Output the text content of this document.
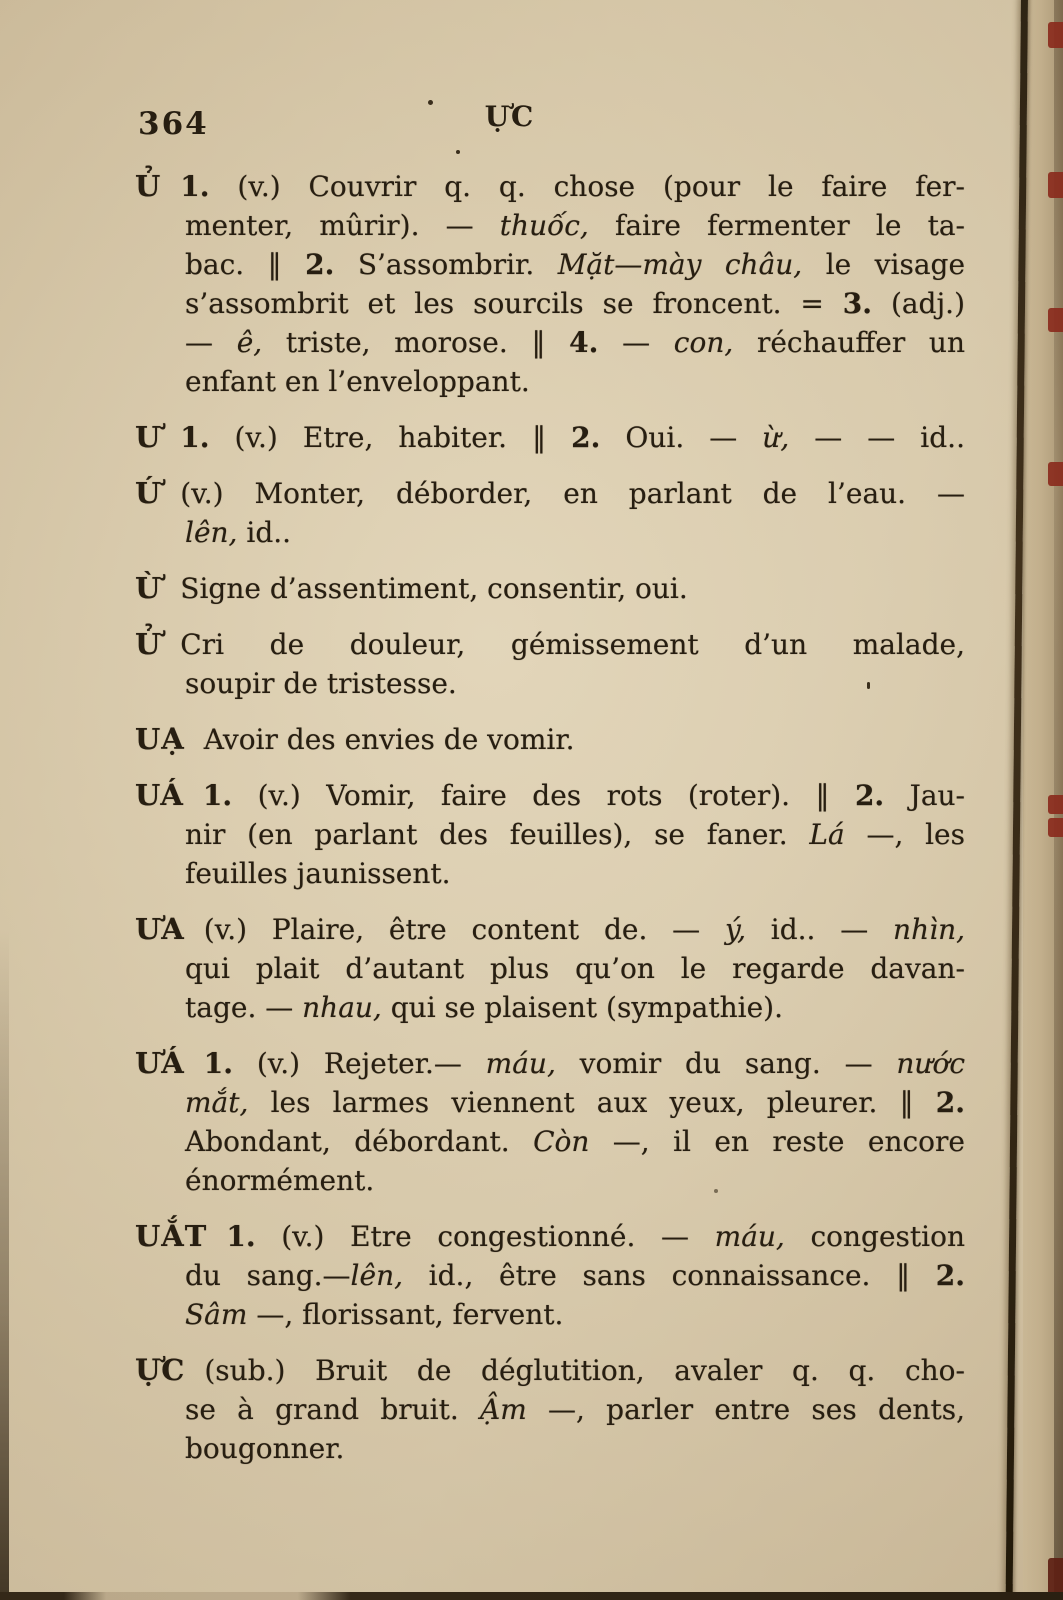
364	ỰC
Ủ 1. (v.) Couvrir q. q. chose (pour le faire fer-
menter, mûrir). — thuốc, faire fermenter le ta-
bac. ‖ 2. S’assombrir. Mặt—mày châu, le visage
s’assombrit et les sourcils se froncent. = 3. (adj.)
— ê, triste, morose. ‖ 4. — con, réchauffer un
enfant en l’enveloppant.
Ư 1. (v.) Etre, habiter. ‖ 2. Oui. — ừ, — — id..
Ứ (v.) Monter, déborder, en parlant de l’eau. —
lên, id..
Ừ Signe d’assentiment, consentir, oui.
Ử Cri de douleur, gémissement d’un malade,
soupir de tristesse.
UẠ Avoir des envies de vomir.
UÁ 1. (v.) Vomir, faire des rots (roter). ‖ 2. Jau-
nir (en parlant des feuilles), se faner. Lá —, les
feuilles jaunissent.
ƯA (v.) Plaire, être content de. — ý, id.. — nhìn,
qui plait d’autant plus qu’on le regarde davan-
tage. — nhau, qui se plaisent (sympathie).
ƯÁ 1. (v.) Rejeter.— máu, vomir du sang. — nước
mắt, les larmes viennent aux yeux, pleurer. ‖ 2.
Abondant, débordant. Còn —, il en reste encore
énormément.
UẮT 1. (v.) Etre congestionné. — máu, congestion
du sang.—lên, id., être sans connaissance. ‖ 2.
Sâm —, florissant, fervent.
ỰC (sub.) Bruit de déglutition, avaler q. q. cho-
se à grand bruit. Ậm —, parler entre ses dents,
bougonner.
